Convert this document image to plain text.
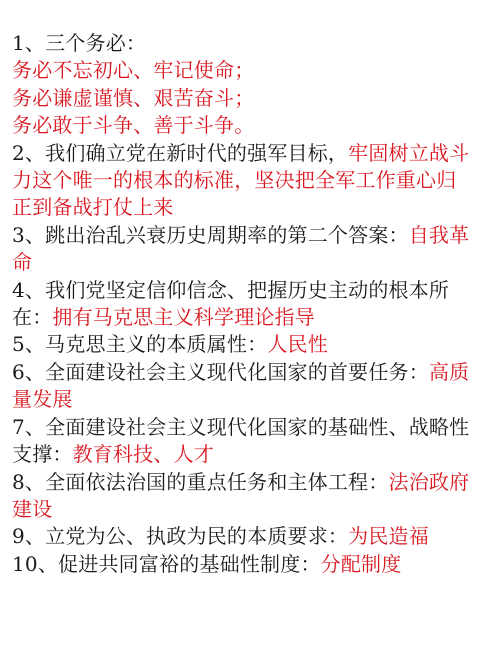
1、三个务必：
务必不忘初心、牢记使命；
务必谦虚谨慎、艰苦奋斗；
务必敢于斗争、善于斗争。
2、我们确立党在新时代的强军目标，牢固树立战斗
力这个唯一的根本的标准，坚决把全军工作重心归
正到备战打仗上来
3、跳出治乱兴衰历史周期率的第二个答案：自我革
命
4、我们党坚定信仰信念、把握历史主动的根本所
在：拥有马克思主义科学理论指导
5、马克思主义的本质属性：人民性
6、全面建设社会主义现代化国家的首要任务：高质
量发展
7、全面建设社会主义现代化国家的基础性、战略性
支撑：教育科技、人才
8、全面依法治国的重点任务和主体工程：法治政府
建设
9、立党为公、执政为民的本质要求：为民造福
10、促进共同富裕的基础性制度：分配制度
